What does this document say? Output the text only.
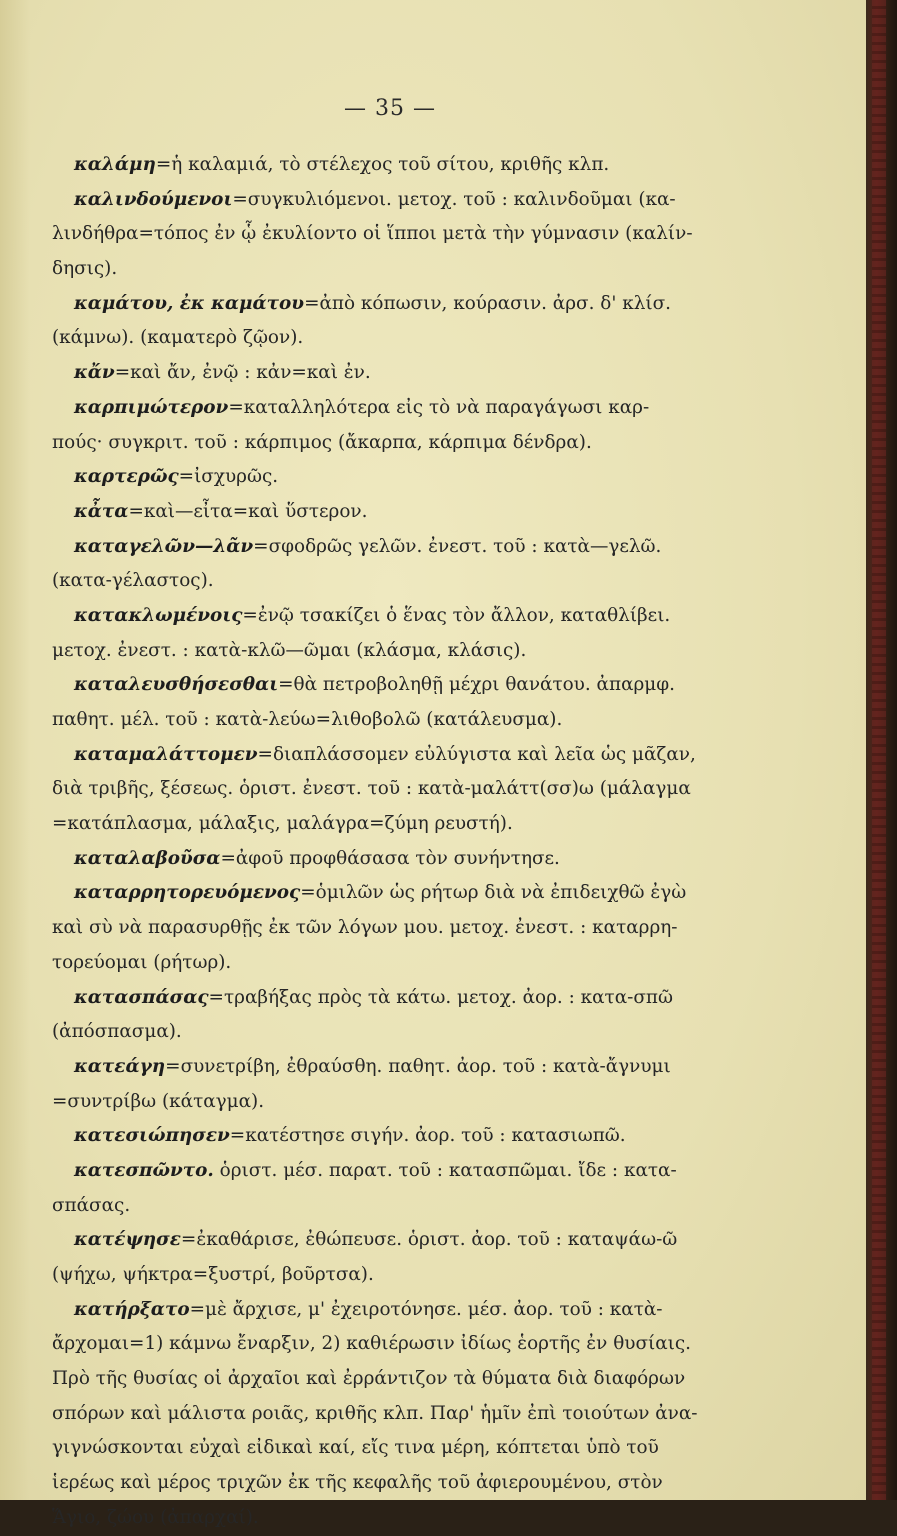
— 35 —
καλάμη=ἡ καλαμιά, τὸ στέλεχος τοῦ σίτου, κριθῆς κλπ.
καλινδούμενοι=συγκυλιόμενοι. μετοχ. τοῦ : καλινδοῦμαι (κα-
λινδήθρα=τόπος ἐν ᾧ ἐκυλίοντο οἱ ἵπποι μετὰ τὴν γύμνασιν (καλίν-
δησις).
καμάτου, ἐκ καμάτου=ἀπὸ κόπωσιν, κούρασιν. ἀρσ. δ' κλίσ.
(κάμνω). (καματερὸ ζῷον).
κἄν=καὶ ἄν, ἐνῷ : κἀν=καὶ ἐν.
καρπιμώτερον=καταλληλότερα εἰς τὸ νὰ παραγάγωσι καρ-
πούς· συγκριτ. τοῦ : κάρπιμος (ἄκαρπα, κάρπιμα δένδρα).
καρτερῶς=ἰσχυρῶς.
κἆτα=καὶ—εἶτα=καὶ ὕστερον.
καταγελῶν—λᾶν=σφοδρῶς γελῶν. ἐνεστ. τοῦ : κατὰ—γελῶ.
(κατα-γέλαστος).
κατακλωμένοις=ἐνῷ τσακίζει ὁ ἕνας τὸν ἄλλον, καταθλίβει.
μετοχ. ἐνεστ. : κατὰ-κλῶ—ῶμαι (κλάσμα, κλάσις).
καταλευσθήσεσθαι=θὰ πετροβοληθῇ μέχρι θανάτου. ἀπαρμφ.
παθητ. μέλ. τοῦ : κατὰ-λεύω=λιθοβολῶ (κατάλευσμα).
καταμαλάττομεν=διαπλάσσομεν εὐλύγιστα καὶ λεῖα ὡς μᾶζαν,
διὰ τριβῆς, ξέσεως. ὁριστ. ἐνεστ. τοῦ : κατὰ-μαλάττ(σσ)ω (μάλαγμα
=κατάπλασμα, μάλαξις, μαλάγρα=ζύμη ρευστή).
καταλαβοῦσα=ἀφοῦ προφθάσασα τὸν συνήντησε.
καταρρητορευόμενος=ὁμιλῶν ὡς ρήτωρ διὰ νὰ ἐπιδειχθῶ ἐγὼ
καὶ σὺ νὰ παρασυρθῇς ἐκ τῶν λόγων μου. μετοχ. ἐνεστ. : καταρρη-
τορεύομαι (ρήτωρ).
κατασπάσας=τραβήξας πρὸς τὰ κάτω. μετοχ. ἀορ. : κατα-σπῶ
(ἀπόσπασμα).
κατεάγη=συνετρίβη, ἐθραύσθη. παθητ. ἀορ. τοῦ : κατὰ-ἄγνυμι
=συντρίβω (κάταγμα).
κατεσιώπησεν=κατέστησε σιγήν. ἀορ. τοῦ : κατασιωπῶ.
κατεσπῶντο. ὁριστ. μέσ. παρατ. τοῦ : κατασπῶμαι. ἴδε : κατα-
σπάσας.
κατέψησε=ἐκαθάρισε, ἐθώπευσε. ὁριστ. ἀορ. τοῦ : καταψάω-ῶ
(ψήχω, ψήκτρα=ξυστρί, βοῦρτσα).
κατήρξατο=μὲ ἄρχισε, μ' ἐχειροτόνησε. μέσ. ἀορ. τοῦ : κατὰ-
ἄρχομαι=1) κάμνω ἔναρξιν, 2) καθιέρωσιν ἰδίως ἑορτῆς ἐν θυσίαις.
Πρὸ τῆς θυσίας οἱ ἀρχαῖοι καὶ ἐρράντιζον τὰ θύματα διὰ διαφόρων
σπόρων καὶ μάλιστα ροιᾶς, κριθῆς κλπ. Παρ' ἡμῖν ἐπὶ τοιούτων ἀνα-
γιγνώσκονται εὐχαὶ εἰδικαὶ καί, εἴς τινα μέρη, κόπτεται ὑπὸ τοῦ
ἱερέως καὶ μέρος τριχῶν ἐκ τῆς κεφαλῆς τοῦ ἀφιερουμένου, στὸν
Ἅγιο, ζώου (ἀπαρχαί).
